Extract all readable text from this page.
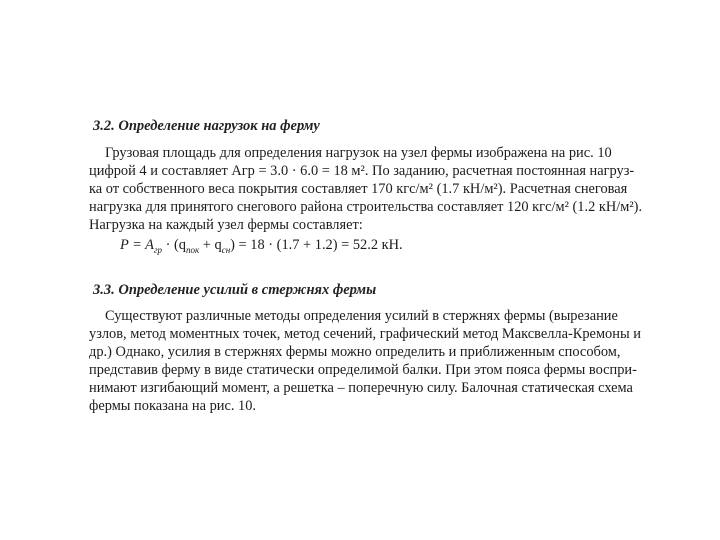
3.2. Определение нагрузок на ферму
Грузовая площадь для определения нагрузок на узел фермы изображена на рис. 10
цифрой 4 и составляет Агр = 3.0 · 6.0 = 18 м². По заданию, расчетная постоянная нагруз-
ка от собственного веса покрытия составляет 170 кгс/м² (1.7 кН/м²). Расчетная снеговая
нагрузка для принятого снегового района строительства составляет 120 кгс/м² (1.2 кН/м²).
Нагрузка на каждый узел фермы составляет:
$P = A_{гр} \cdot (q_{пок} + q_{сн}) = 18 \cdot (1.7 + 1.2) = 52.2$ кН.
3.3. Определение усилий в стержнях фермы
Существуют различные методы определения усилий в стержнях фермы (вырезание
узлов, метод моментных точек, метод сечений, графический метод Максвелла-Кремоны и
др.) Однако, усилия в стержнях фермы можно определить и приближенным способом,
представив ферму в виде статически определимой балки. При этом пояса фермы воспри-
нимают изгибающий момент, а решетка – поперечную силу. Балочная статическая схема
фермы показана на рис. 10.
